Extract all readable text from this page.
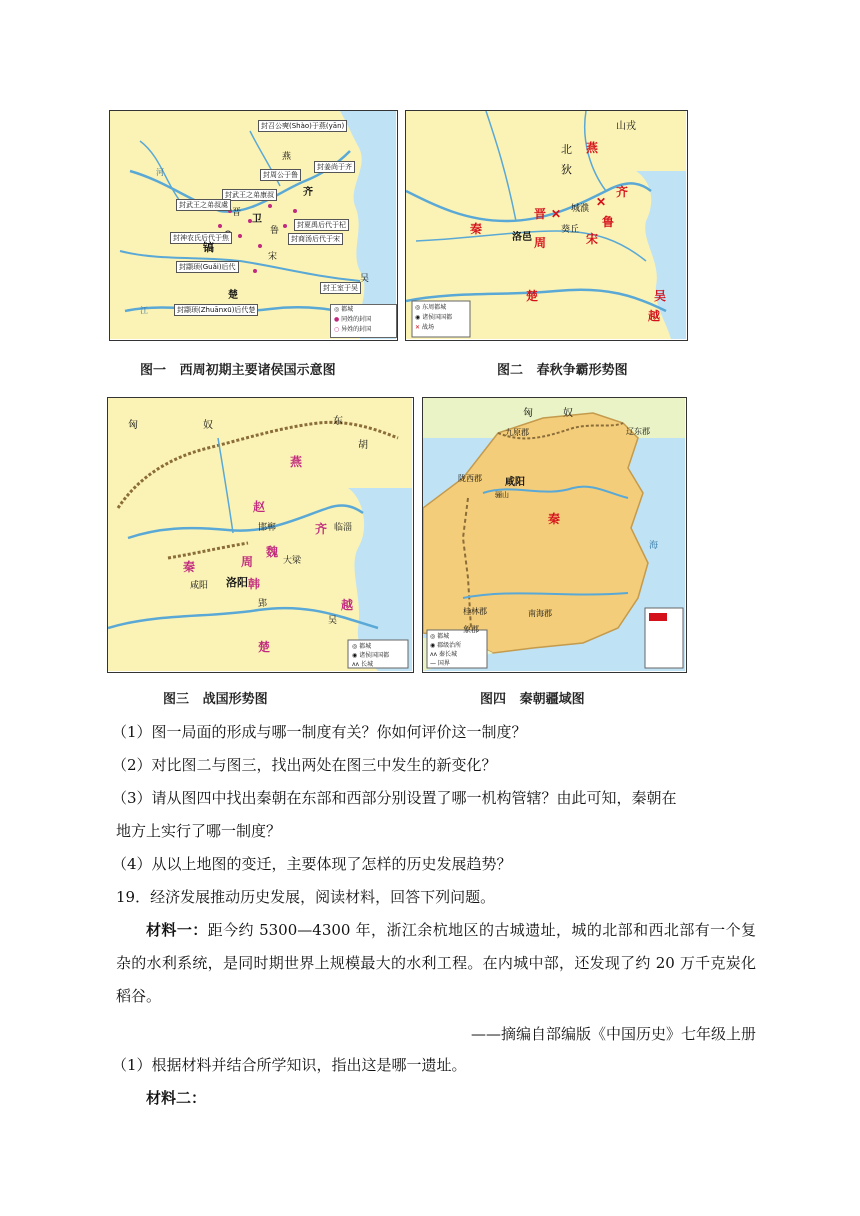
封召公奭(Shào)于燕(yān)
封姜尚于齐
封周公于鲁
封武王之弟康叔
封武王之弟叔虞
封神农氏后代于焦
封夏禹后代于杞
封商汤后代于宋
封颛顼(Guǎi)后代
封颛顼(Zhuānxū)后代楚
封王室于吴
齐
卫
镐
鲁
宋
楚
吴
晋
燕
河
江	◎ 都城
● 同姓的封国
○ 异姓的封国
图一   西周初期主要诸侯国示意图
✕
✕
山戎
北
狄
燕
齐
晋
秦
洛邑 周
城濮
葵丘
宋
鲁
楚	吴
越
◎ 东周都城
◉ 诸侯国国都
✕ 战场
图二   春秋争霸形势图
东
胡
匈	奴
燕
赵
邯郸	临淄
齐
秦
咸阳 洛阳
周
魏
大梁
韩
郢
楚
越
吴
◎ 都城
◉ 诸侯国国都
ʌʌ 长城
图三   战国形势图
匈	奴
九原郡	辽东郡
陇西郡 咸阳
骊山
秦
桂林郡	南海郡
象郡
海
◎ 都城
◉ 郡级治所
ʌʌ 秦长城
— 国界
图四   秦朝疆域图
（1）图一局面的形成与哪一制度有关？你如何评价这一制度？
（2）对比图二与图三，找出两处在图三中发生的新变化？
（3）请从图四中找出秦朝在东部和西部分别设置了哪一机构管辖？由此可知，秦朝在
地方上实行了哪一制度？
（4）从以上地图的变迁，主要体现了怎样的历史发展趋势？
19．经济发展推动历史发展，阅读材料，回答下列问题。
材料一：距今约 5300—4300 年，浙江余杭地区的古城遗址，城的北部和西北部有一个复杂的水利系统，是同时期世界上规模最大的水利工程。在内城中部，还发现了约 20 万千克炭化稻谷。
——摘编自部编版《中国历史》七年级上册
（1）根据材料并结合所学知识，指出这是哪一遗址。
材料二：
